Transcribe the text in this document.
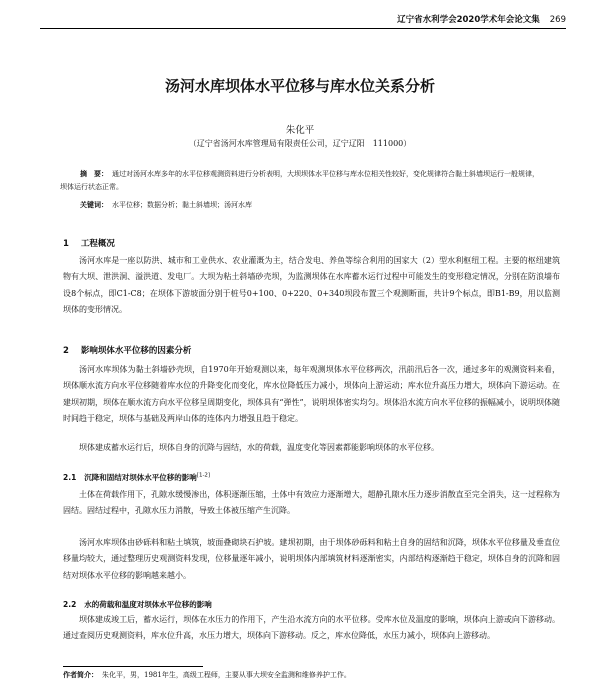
辽宁省水利学会2020学术年会论文集 269
汤河水库坝体水平位移与库水位关系分析
朱化平
（辽宁省汤河水库管理局有限责任公司，辽宁辽阳　111000）
摘　要： 通过对汤河水库多年的水平位移观测资料进行分析表明，大坝坝体水平位移与库水位相关性较好，变化规律符合黏土斜墙坝运行一般规律，坝体运行状态正常。
关键词： 水平位移；数据分析；黏土斜墙坝；汤河水库
1 工程概况
汤河水库是一座以防洪、城市和工业供水、农业灌溉为主，结合发电、养鱼等综合利用的国家大（2）型水利枢纽工程。主要的枢纽建筑物有大坝、泄洪洞、溢洪道、发电厂。大坝为粘土斜墙砂壳坝，为监测坝体在水库蓄水运行过程中可能发生的变形稳定情况，分别在防浪墙布设8个标点，即C1-C8；在坝体下游坡面分别于桩号0+100、0+220、0+340坝段布置三个观测断面，共计9个标点，即B1-B9，用以监测坝体的变形情况。
2 影响坝体水平位移的因素分析
汤河水库坝体为黏土斜墙砂壳坝，自1970年开始观测以来，每年观测坝体水平位移两次，汛前汛后各一次，通过多年的观测资料来看，坝体顺水流方向水平位移随着库水位的升降变化而变化，库水位降低压力减小，坝体向上游运动；库水位升高压力增大，坝体向下游运动。在建坝初期，坝体在顺水流方向水平位移呈周期变化，坝体具有“弹性”，说明坝体密实均匀。坝体沿水流方向水平位移的振幅减小，说明坝体随时间趋于稳定，坝体与基础及两岸山体的连体内力增强且趋于稳定。
坝体建成蓄水运行后，坝体自身的沉降与固结，水的荷载，温度变化等因素都能影响坝体的水平位移。
2.1 沉降和固结对坝体水平位移的影响[1-2]
土体在荷载作用下，孔隙水缓慢渗出，体积逐渐压缩，土体中有效应力逐渐增大，超静孔隙水压力逐步消散直至完全消失，这一过程称为固结。固结过程中，孔隙水压力消散，导致土体被压缩产生沉降。
汤河水库坝体由砂砾料和粘土填筑，坡面叠砌块石护坡。建坝初期，由于坝体砂砾料和粘土自身的固结和沉降，坝体水平位移量及垂直位移量均较大，通过整理历史观测资料发现，位移量逐年减小，说明坝体内部填筑材料逐渐密实，内部结构逐渐趋于稳定，坝体自身的沉降和固结对坝体水平位移的影响越来越小。
2.2 水的荷载和温度对坝体水平位移的影响
坝体建成竣工后，蓄水运行，坝体在水压力的作用下，产生沿水流方向的水平位移。受库水位及温度的影响，坝体向上游或向下游移动。通过查阅历史观测资料，库水位升高，水压力增大，坝体向下游移动。反之，库水位降低，水压力减小，坝体向上游移动。
作者简介： 朱化平，男，1981年生，高级工程师，主要从事大坝安全监测和维修养护工作。
